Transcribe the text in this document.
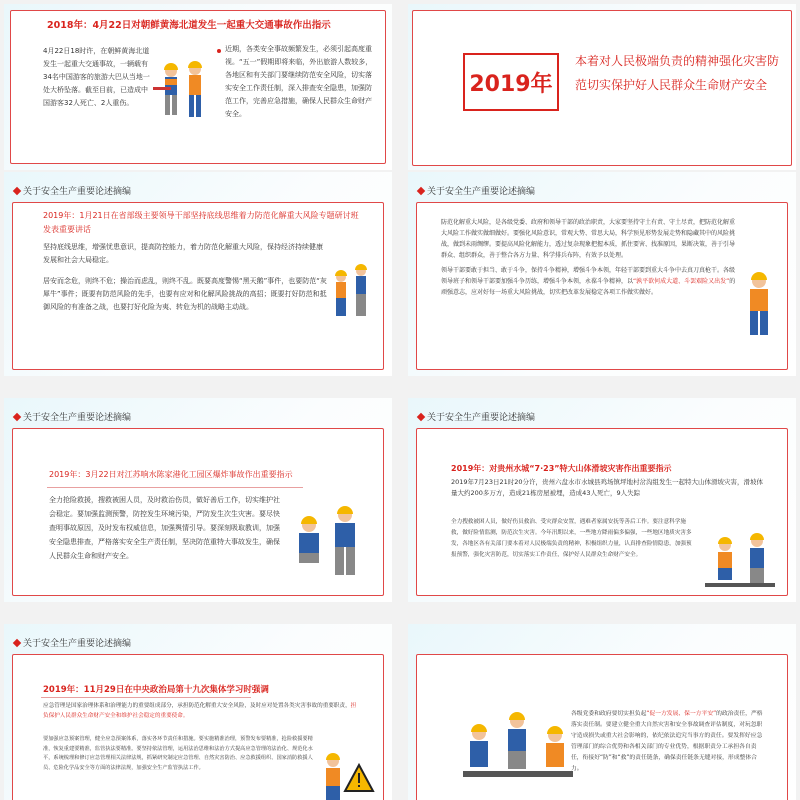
2018年：4月22日对朝鲜黄海北道发生一起重大交通事故作出指示
4月22日18时许，在朝鲜黄海北道发生一起重大交通事故，一辆载有34名中国游客的旅游大巴从当地一处大桥坠落。截至目前，已造成中国游客32人死亡、2人重伤。
近期，各类安全事故频繁发生，必须引起高度重视。“五一”假期即将来临，外出旅游人数较多，各地区和有关部门要继续防范安全风险，切实落实安全工作责任制，深入排查安全隐患，加强防范工作，完善应急措施，确保人民群众生命财产安全。
2019年
本着对人民极端负责的精神强化灾害防范切实保护好人民群众生命财产安全
关于安全生产重要论述摘编
2019年：1月21日在省部级主要领导干部坚持底线思维着力防范化解重大风险专题研讨班发表重要讲话
坚持底线思维，增强忧患意识，提高防控能力，着力防范化解重大风险，保持经济持续健康发展和社会大局稳定。
居安而念危，则终不危；操治而虑乱，则终不乱。既要高度警惕“黑天鹅”事件，也要防范“灰犀牛”事件；既要有防范风险的先手，也要有应对和化解风险挑战的高招；既要打好防范和抵御风险的有准备之战，也要打好化险为夷、转危为机的战略主动战。
关于安全生产重要论述摘编
防范化解重大风险，是各级党委、政府和领导干部的政治职责，大家要坚持守土有责、守土尽责，把防范化解重大风险工作做实做细做好。要强化风险意识，常观大势、常思大局，科学预见形势发展走势和隐藏其中的风险挑战，做到未雨绸缪。要提高风险化解能力，透过复杂现象把握本质，抓住要害、找准原因，果断决策，善于引导群众、组织群众，善于整合各方力量、科学排兵布阵，有效予以处理。
领导干部要敢于担当、敢于斗争，保持斗争精神，增强斗争本领，年轻干部要到重大斗争中去真刀真枪干。各级领导班子和领导干部要加强斗争历练，增强斗争本领，永葆斗争精神，以“孰平欲何成大道、斗罢艰险又出发”的顽强意志，应对好每一场重大风险挑战，切实把改革发展稳定各项工作做实做好。
关于安全生产重要论述摘编
2019年：3月22日对江苏响水陈家港化工园区爆炸事故作出重要指示
全力抢险救援，搜救被困人员，及时救治伤员，做好善后工作，切实维护社会稳定。要加强监测预警，防控发生环境污染，严防发生次生灾害。要尽快查明事故原因，及时发布权威信息，加强舆情引导。要深刻吸取教训，加强安全隐患排查，严格落实安全生产责任制，坚决防范重特大事故发生，确保人民群众生命和财产安全。
关于安全生产重要论述摘编
2019年：对贵州水城“7·23”特大山体滑坡灾害作出重要指示
2019年7月23日21时20分许，贵州六盘水市水城县鸡场镇坪地村岔沟组发生一起特大山体滑坡灾害，滑坡体量大约200多万方，造成21栋房屋被埋，造成43人死亡，9人失踪
全力搜救被困人员，做好伤员救治、受灾群众安置，遇难者家属安抚等善后工作。要注意科学施救，做好险情监测，防范次生灾害。今年汛期以来，一些地方降雨偏多偏强，一些地区地质灾害多发，各地区各有关部门要本着对人民极端负责的精神，积极组织力量，认真排查险情隐患，加强预报预警，强化灾害防范，切实落实工作责任，保护好人民群众生命财产安全。
关于安全生产重要论述摘编
2019年：11月29日在中央政治局第十九次集体学习时强调
应急管理是国家治理体系和治理能力的重要组成部分，承担防范化解重大安全风险，及时应对处置各类灾害事故的重要职责，担负保护人民群众生命财产安全和维护社会稳定的重要使命。
要加强应急预案管理，健全应急预案体系，落实各环节责任和措施。要实施精准治理，预警发布要精准，抢险救援要精准，恢复重建要精准，监管执法要精准。要坚持依法管理，运用法治思维和法治方式提高应急管理的法治化、规范化水平，系统梳理和修订应急管理相关法律法规，抓紧研究制定应急管理、自然灾害防治、应急救援组织、国家消防救援人员、危险化学品安全等方面的法律法规，加强安全生产监管执法工作。
各级党委和政府要切实担负起“促一方发展、保一方平安”的政治责任，严格落实责任制。要建立健全重大自然灾害和安全事故调查评估制度，对玩忽职守造成损失或重大社会影响的，依纪依法追究当事方的责任。要发挥好应急管理部门的综合优势和各相关部门的专业优势，根据职责分工承担各自责任，衔接好“防”和“救”的责任链条，确保责任链条无缝对接，形成整体合力。
